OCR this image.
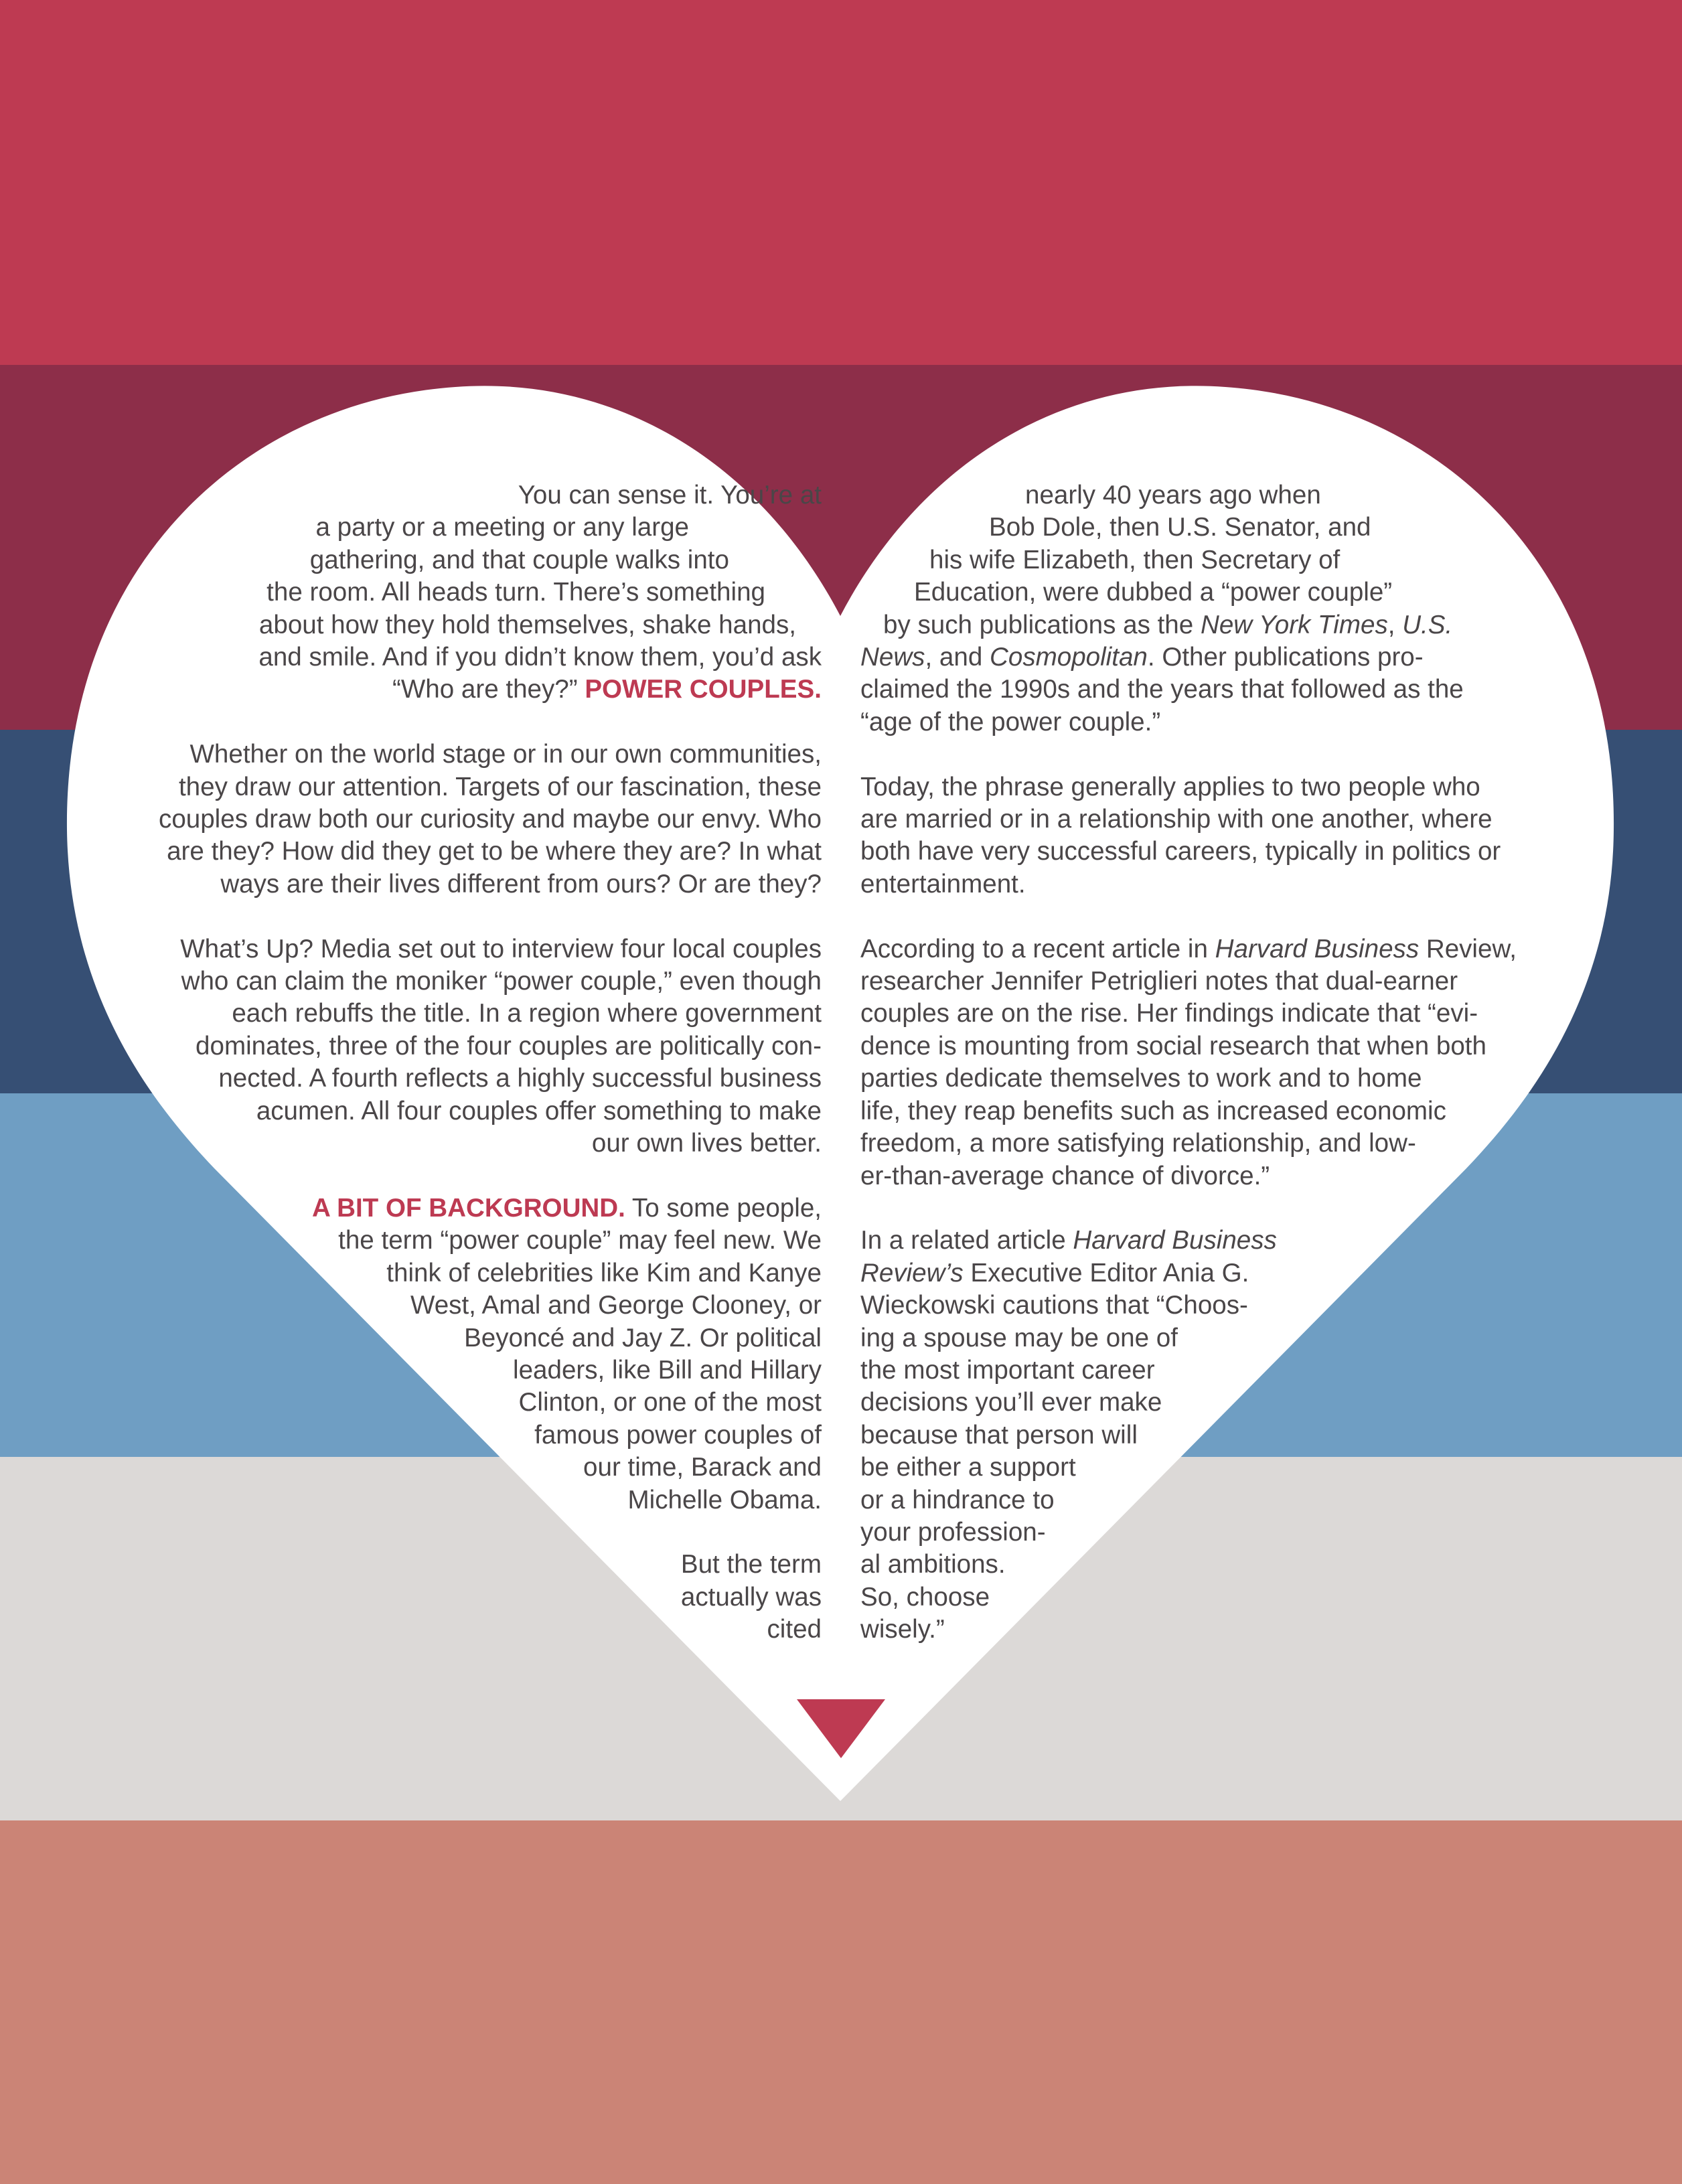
You can sense it. You’re at
a party or a meeting or any large
gathering, and that couple walks into
the room. All heads turn. There’s something
about how they hold themselves, shake hands,
and smile. And if you didn’t know them, you’d ask
“Who are they?” POWER COUPLES.

Whether on the world stage or in our own communities,
they draw our attention. Targets of our fascination, these
couples draw both our curiosity and maybe our envy. Who
are they? How did they get to be where they are? In what
ways are their lives different from ours? Or are they?

What’s Up? Media set out to interview four local couples
who can claim the moniker “power couple,” even though
each rebuffs the title. In a region where government
dominates, three of the four couples are politically con-
nected. A fourth reflects a highly successful business
acumen. All four couples offer something to make
our own lives better.

A BIT OF BACKGROUND. To some people,
the term “power couple” may feel new. We
think of celebrities like Kim and Kanye
West, Amal and George Clooney, or
Beyoncé and Jay Z. Or political
leaders, like Bill and Hillary
Clinton, or one of the most
famous power couples of
our time, Barack and
Michelle Obama.

But the term
actually was
cited

nearly 40 years ago when
Bob Dole, then U.S. Senator, and
his wife Elizabeth, then Secretary of
Education, were dubbed a “power couple”
by such publications as the New York Times, U.S.
News, and Cosmopolitan. Other publications pro-
claimed the 1990s and the years that followed as the
“age of the power couple.”

Today, the phrase generally applies to two people who
are married or in a relationship with one another, where
both have very successful careers, typically in politics or
entertainment.

According to a recent article in Harvard Business Review,
researcher Jennifer Petriglieri notes that dual-earner
couples are on the rise. Her findings indicate that “evi-
dence is mounting from social research that when both
parties dedicate themselves to work and to home
life, they reap benefits such as increased economic
freedom, a more satisfying relationship, and low-
er-than-average chance of divorce.”

In a related article Harvard Business
Review’s Executive Editor Ania G.
Wieckowski cautions that “Choos-
ing a spouse may be one of
the most important career
decisions you’ll ever make
because that person will
be either a support
or a hindrance to
your profession-
al ambitions.
So, choose
wisely.”
